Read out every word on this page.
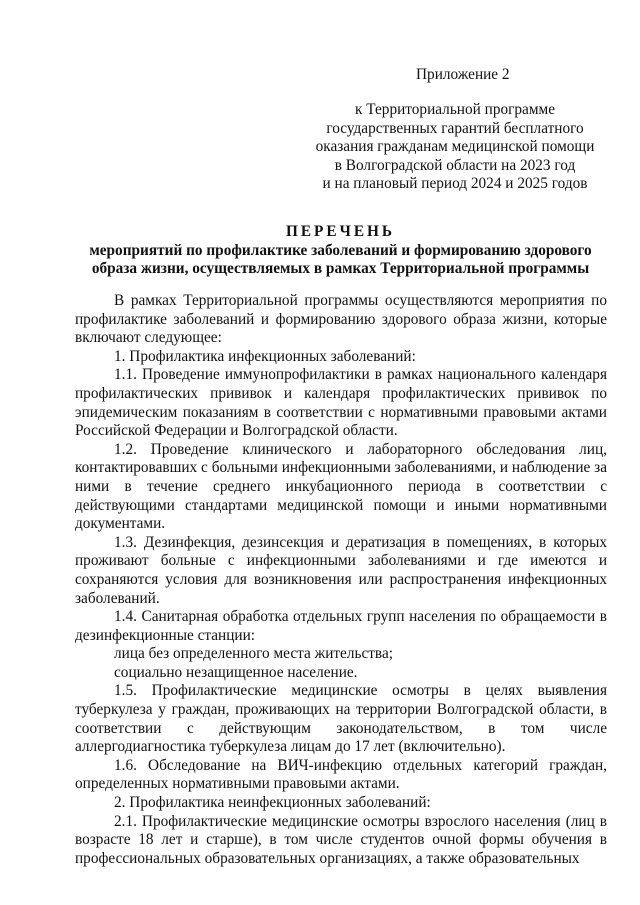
Приложение 2

к Территориальной программе
государственных гарантий бесплатного
оказания гражданам медицинской помощи
в Волгоградской области на 2023 год
и на плановый период 2024 и 2025 годов
ПЕРЕЧЕНЬ
мероприятий по профилактике заболеваний и формированию здорового
образа жизни, осуществляемых в рамках Территориальной программы

В рамках Территориальной программы осуществляются мероприятия по профилактике заболеваний и формированию здорового образа жизни, которые включают следующее:

1. Профилактика инфекционных заболеваний:

1.1. Проведение иммунопрофилактики в рамках национального календаря профилактических прививок и календаря профилактических прививок по эпидемическим показаниям в соответствии с нормативными правовыми актами Российской Федерации и Волгоградской области.

1.2. Проведение клинического и лабораторного обследования лиц, контактировавших с больными инфекционными заболеваниями, и наблюдение за ними в течение среднего инкубационного периода в соответствии с действующими стандартами медицинской помощи и иными нормативными документами.

1.3. Дезинфекция, дезинсекция и дератизация в помещениях, в которых проживают больные с инфекционными заболеваниями и где имеются и сохраняются условия для возникновения или распространения инфекционных заболеваний.

1.4. Санитарная обработка отдельных групп населения по обращаемости в дезинфекционные станции:

лица без определенного места жительства;

социально незащищенное население.

1.5. Профилактические медицинские осмотры в целях выявления туберкулеза у граждан, проживающих на территории Волгоградской области, в соответствии с действующим законодательством, в том числе аллергодиагностика туберкулеза лицам до 17 лет (включительно).

1.6. Обследование на ВИЧ-инфекцию отдельных категорий граждан, определенных нормативными правовыми актами.

2. Профилактика неинфекционных заболеваний:

2.1. Профилактические медицинские осмотры взрослого населения (лиц в возрасте 18 лет и старше), в том числе студентов очной формы обучения в профессиональных образовательных организациях, а также образовательных
